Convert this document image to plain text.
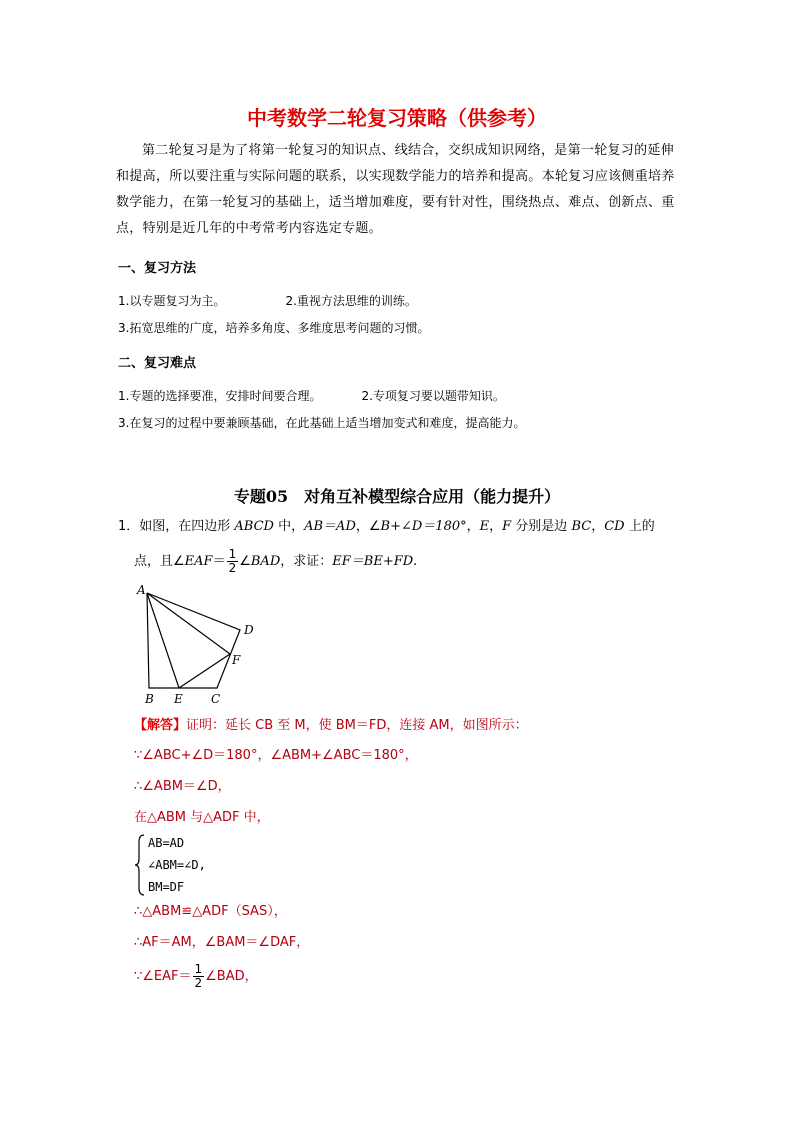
中考数学二轮复习策略（供参考）

第二轮复习是为了将第一轮复习的知识点、线结合，交织成知识网络，是第一轮复习的延伸和提高，所以要注重与实际问题的联系，以实现数学能力的培养和提高。本轮复习应该侧重培养数学能力，在第一轮复习的基础上，适当增加难度，要有针对性，围绕热点、难点、创新点、重点，特别是近几年的中考常考内容选定专题。

一、复习方法
1.以专题复习为主。	2.重视方法思维的训练。
3.拓宽思维的广度，培养多角度、多维度思考问题的习惯。
二、复习难点
1.专题的选择要准，安排时间要合理。	2.专项复习要以题带知识。
3.在复习的过程中要兼顾基础，在此基础上适当增加变式和难度，提高能力。
专题05　对角互补模型综合应用（能力提升）
1．如图，在四边形 ABCD 中，AB＝AD，∠B+∠D＝180°，E，F 分别是边 BC，CD 上的
点，且∠EAF＝ $\frac{1}{2}$ ∠BAD，求证：EF＝BE+FD.
A
D
F
B E C
【解答】证明：延长 CB 至 M，使 BM＝FD，连接 AM，如图所示：
∵∠ABC+∠D＝180°，∠ABM+∠ABC＝180°，
∴∠ABM＝∠D，
在△ABM 与△ADF 中，
AB=AD
∠ABM=∠D,
BM=DF
∴△ABM≌△ADF（SAS），
∴AF＝AM，∠BAM＝∠DAF，
∵∠EAF＝ $\frac{1}{2}$ ∠BAD，
